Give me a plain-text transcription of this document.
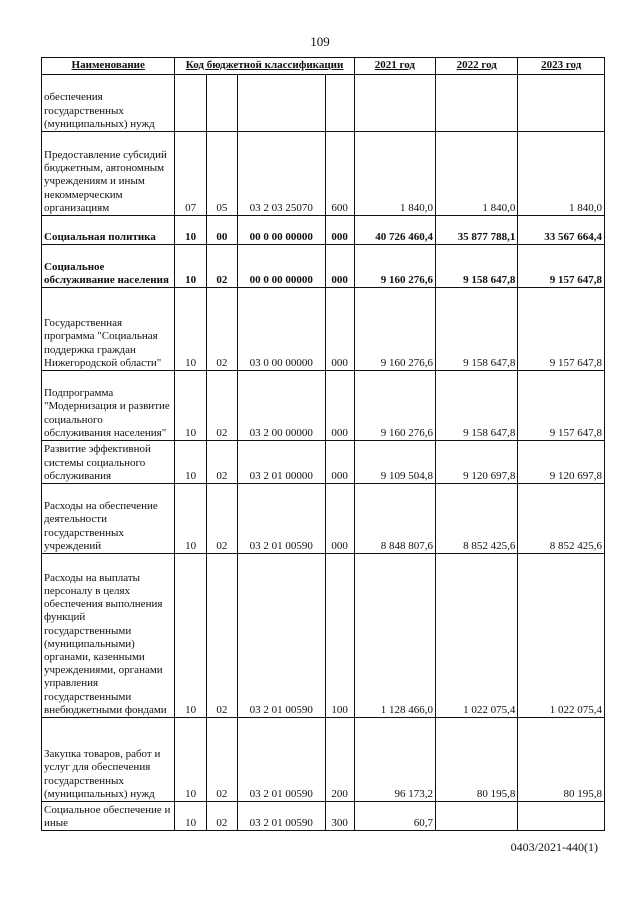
109
Наименование	Код бюджетной классификации				2021 год	2022 год	2023 год
обеспечения государственных (муниципальных) нужд							
Предоставление субсидий бюджетным, автономным учреждениям и иным некоммерческим организациям	07	05	03 2 03 25070	600	1 840,0	1 840,0	1 840,0
Социальная политика	10	00	00 0 00 00000	000	40 726 460,4	35 877 788,1	33 567 664,4
Социальное обслуживание населения	10	02	00 0 00 00000	000	9 160 276,6	9 158 647,8	9 157 647,8
Государственная программа "Социальная поддержка граждан Нижегородской области"	10	02	03 0 00 00000	000	9 160 276,6	9 158 647,8	9 157 647,8
Подпрограмма "Модернизация и развитие социального обслуживания населения"	10	02	03 2 00 00000	000	9 160 276,6	9 158 647,8	9 157 647,8
Развитие эффективной системы социального обслуживания	10	02	03 2 01 00000	000	9 109 504,8	9 120 697,8	9 120 697,8
Расходы на обеспечение деятельности государственных учреждений	10	02	03 2 01 00590	000	8 848 807,6	8 852 425,6	8 852 425,6
Расходы на выплаты персоналу в целях обеспечения выполнения функций государственными (муниципальными) органами, казенными учреждениями, органами управления государственными внебюджетными фондами	10	02	03 2 01 00590	100	1 128 466,0	1 022 075,4	1 022 075,4
Закупка товаров, работ и услуг для обеспечения государственных (муниципальных) нужд	10	02	03 2 01 00590	200	96 173,2	80 195,8	80 195,8
Социальное обеспечение и иные	10	02	03 2 01 00590	300	60,7		
0403/2021-440(1)
